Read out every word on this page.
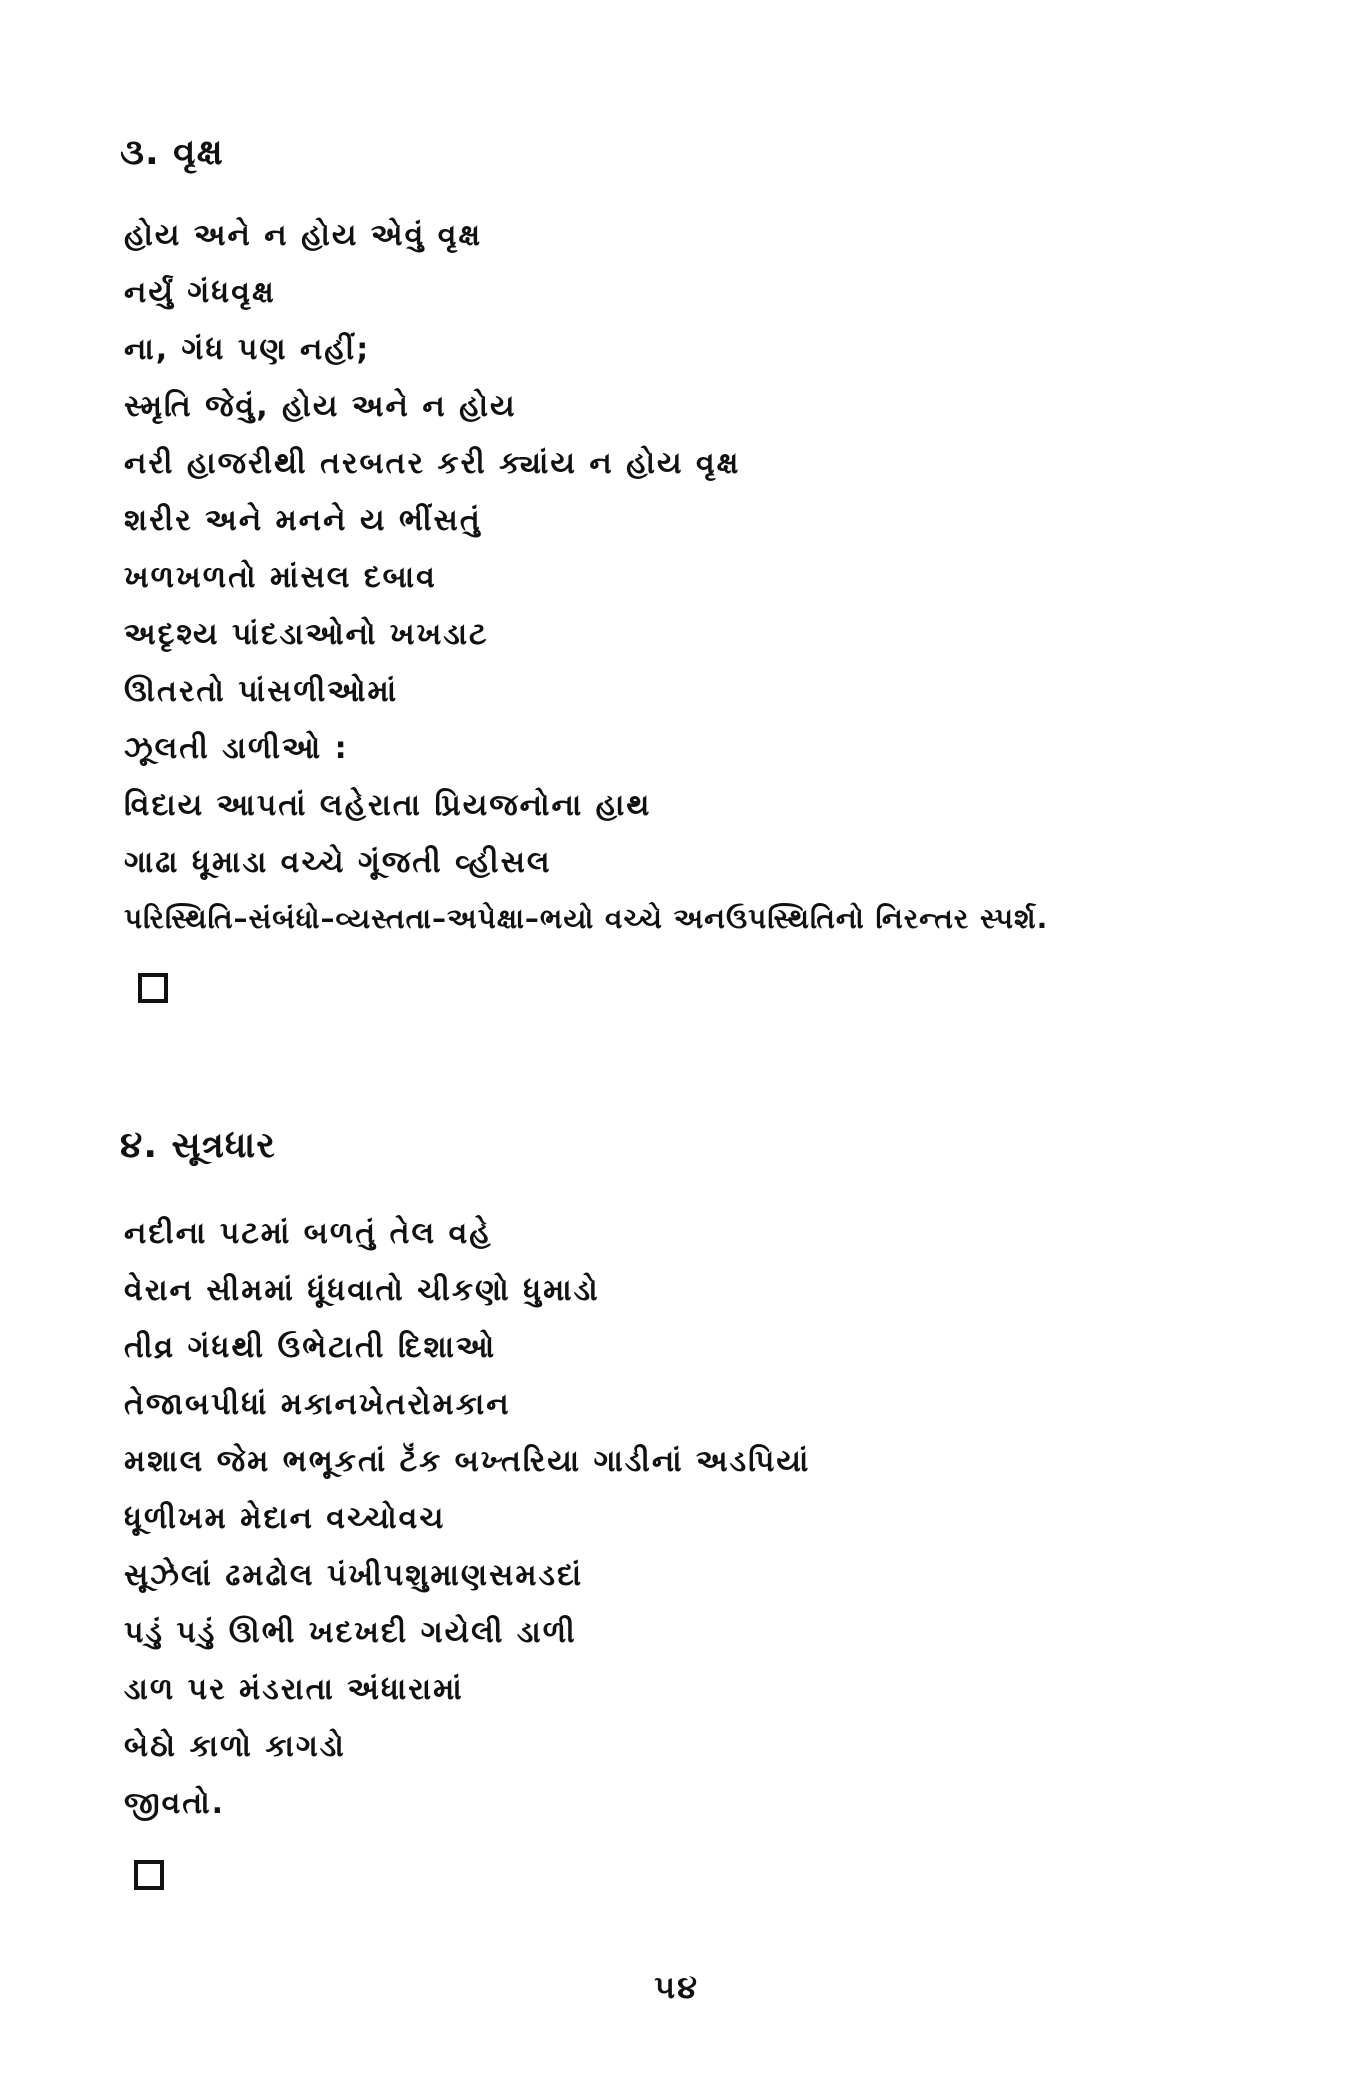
૩. વૃક્ષ
હોય અને ન હોય એવું વૃક્ષ
નર્યું ગંધવૃક્ષ
ના, ગંધ પણ નહીં;
સ્મૃતિ જેવું, હોય અને ન હોય
નરી હાજરીથી તરબતર કરી ક્યાંય ન હોય વૃક્ષ
શરીર અને મનને ય ભીંસતું
ખળખળતો માંસલ દબાવ
અદૃશ્ય પાંદડાઓનો ખખડાટ
ઊતરતો પાંસળીઓમાં
ઝૂલતી ડાળીઓ :
વિદાય આપતાં લહેરાતા પ્રિયજનોના હાથ
ગાઢા ધૂમાડા વચ્ચે ગૂંજતી વ્હીસલ
પરિસ્થિતિ–સંબંધો–વ્યસ્તતા–અપેક્ષા–ભયો વચ્ચે અનઉપસ્થિતિનો નિરન્તર સ્પર્શ.
૪. સૂત્રધાર
નદીના પટમાં બળતું તેલ વહે
વેરાન સીમમાં ધૂંધવાતો ચીકણો ધુમાડો
તીવ્ર ગંધથી ઉભેટાતી દિશાઓ
તેજાબપીધાં મકાનખેતરોમકાન
મશાલ જેમ ભભૂકતાં ટૅંક બખ્તરિયા ગાડીનાં અડપિયાં
ધૂળીખમ મેદાન વચ્ચોવચ
સૂઝેલાં ઢમઢોલ પંખીપશુમાણસમડદાં
પડું પડું ઊભી ખદખદી ગયેલી ડાળી
ડાળ પર મંડરાતા અંધારામાં
બેઠો કાળો કાગડો
જીવતો.
૫૪
